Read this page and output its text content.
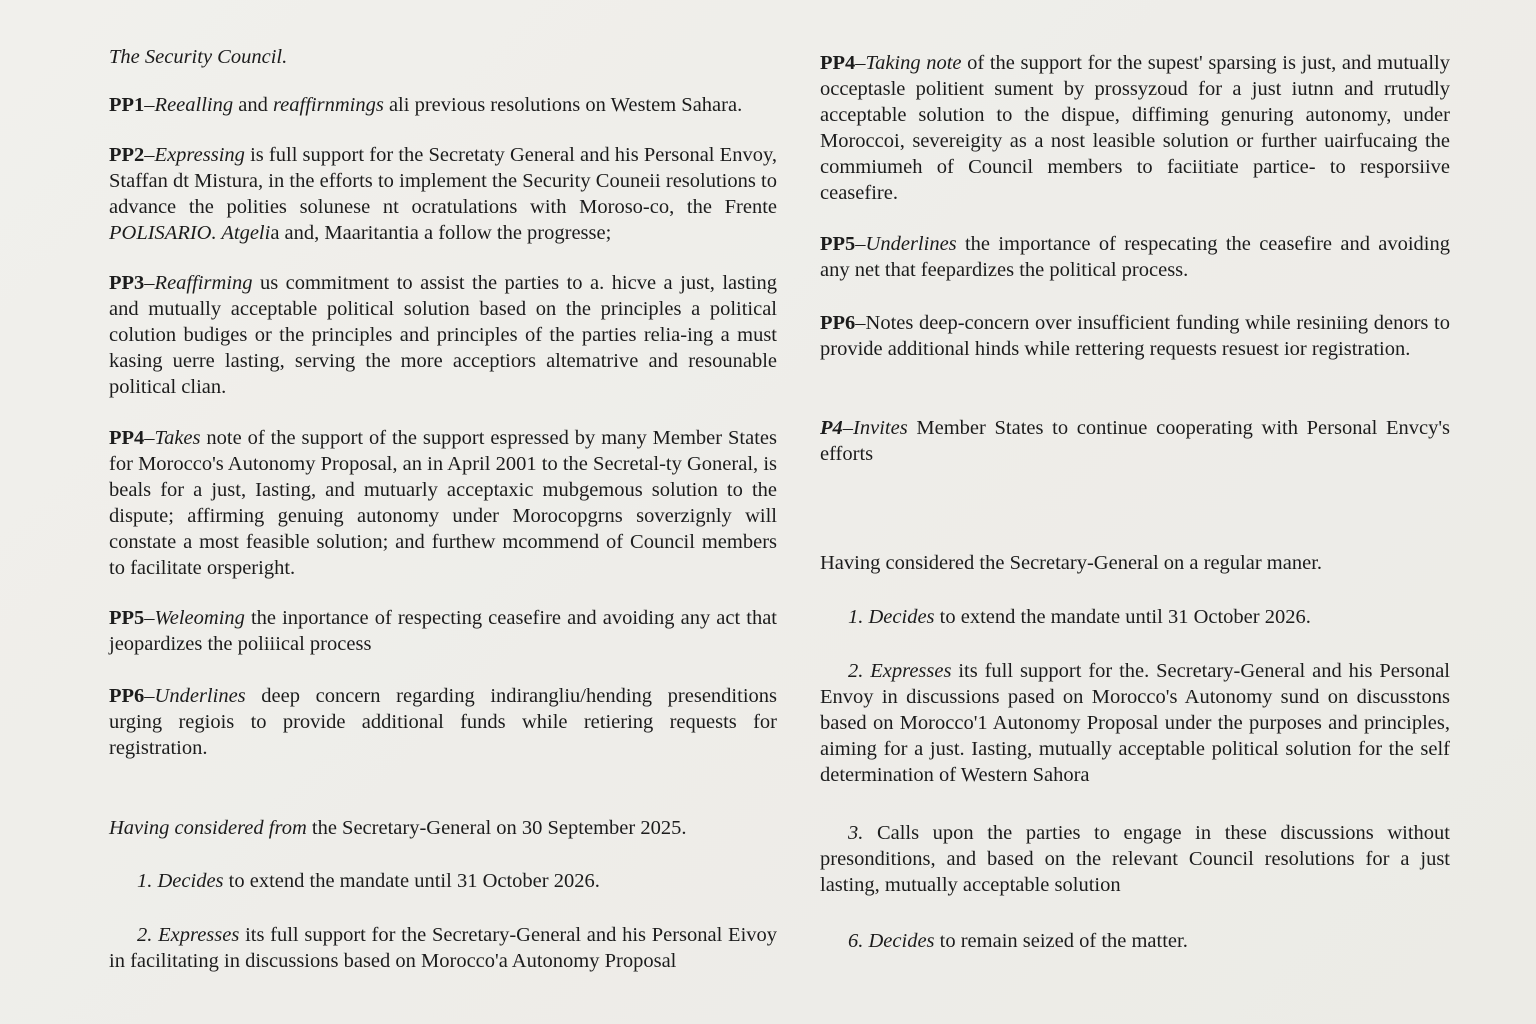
The Security Council.

PP1–Reealling and reaffirnmings ali previous resolutions on Westem Sahara.

PP2–Expressing is full support for the Secretaty General and his Personal Envoy, Staffan dt Mistura, in the efforts to implement the Security Couneii resolutions to advance the polities solunese nt ocratulations with Moroso-co, the Frente POLISARIO. Atgelia and, Maaritantia a follow the progresse;

PP3–Reaffirming us commitment to assist the parties to a. hicve a just, lasting and mutually acceptable political solution based on the principles a political colution budiges or the principles and principles of the parties relia-ing a must kasing uerre lasting, serving the more acceptiors altematrive and resounable political clian.

PP4–Takes note of the support of the support espressed by many Member States for Morocco's Autonomy Proposal, an in April 2001 to the Secretal-ty Goneral, is beals for a just, Iasting, and mutuarly acceptaxic mubgemous solution to the dispute; affirming genuing autonomy under Morocopgrns soverzignly will constate a most feasible solution; and furthew mcommend of Council members to facilitate orsperight.

PP5–Weleoming the inportance of respecting ceasefire and avoiding any act that jeopardizes the poliiical process

PP6–Underlines deep concern regarding indirangliu/hending presenditions urging regiois to provide additional funds while retiering requests for registration.

Having considered from the Secretary-General on 30 September 2025.

1. Decides to extend the mandate until 31 October 2026.

2. Expresses its full support for the Secretary-General and his Personal Eivoy in facilitating in discussions based on Morocco'a Autonomy Proposal

PP4–Taking note of the support for the supest' sparsing is just, and mutually occeptasle politient sument by prossyzoud for a just iutnn and rrutudly acceptable solution to the dispue, diffiming genuring autonomy, under Moroccoi, severeigity as a nost leasible solution or further uairfucaing the commiumeh of Council members to faciitiate partice- to resporsiive ceasefire.

PP5–Underlines the importance of respecating the ceasefire and avoiding any net that feepardizes the political process.

PP6–Notes deep-concern over insufficient funding while resiniing denors to provide additional hinds while rettering requests resuest ior registration.

P4–Invites Member States to continue cooperating with Personal Envcy's efforts

Having considered the Secretary-General on a regular maner.

1. Decides to extend the mandate until 31 October 2026.

2. Expresses its full support for the. Secretary-General and his Personal Envoy in discussions pased on Morocco's Autonomy sund on discusstons based on Morocco'1 Autonomy Proposal under the purposes and principles, aiming for a just. Iasting, mutually acceptable political solution for the self determination of Western Sahora

3. Calls upon the parties to engage in these discussions without presonditions, and based on the relevant Council resolutions for a just lasting, mutually acceptable solution

6. Decides to remain seized of the matter.
